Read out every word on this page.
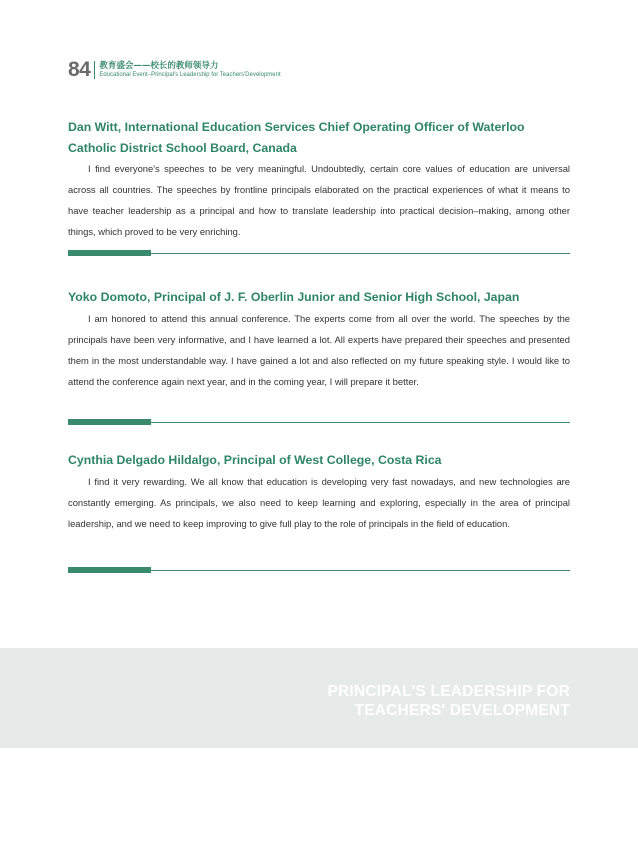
84 教育盛会——校长的教师领导力
Educational Event–Principal's Leadership for Teachers'Development

Dan Witt, International Education Services Chief Operating Officer of Waterloo Catholic District School Board, Canada

I find everyone's speeches to be very meaningful. Undoubtedly, certain core values of education are universal across all countries. The speeches by frontline principals elaborated on the practical experiences of what it means to have teacher leadership as a principal and how to translate leadership into practical decision–making, among other things, which proved to be very enriching.

Yoko Domoto, Principal of J. F. Oberlin Junior and Senior High School, Japan

I am honored to attend this annual conference. The experts come from all over the world. The speeches by the principals have been very informative, and I have learned a lot. All experts have prepared their speeches and presented them in the most understandable way. I have gained a lot and also reflected on my future speaking style. I would like to attend the conference again next year, and in the coming year, I will prepare it better.

Cynthia Delgado Hildalgo, Principal of West College, Costa Rica

I find it very rewarding. We all know that education is developing very fast nowadays, and new technologies are constantly emerging. As principals, we also need to keep learning and exploring, especially in the area of principal leadership, and we need to keep improving to give full play to the role of principals in the field of education.

PRINCIPAL'S LEADERSHIP FOR
TEACHERS' DEVELOPMENT
